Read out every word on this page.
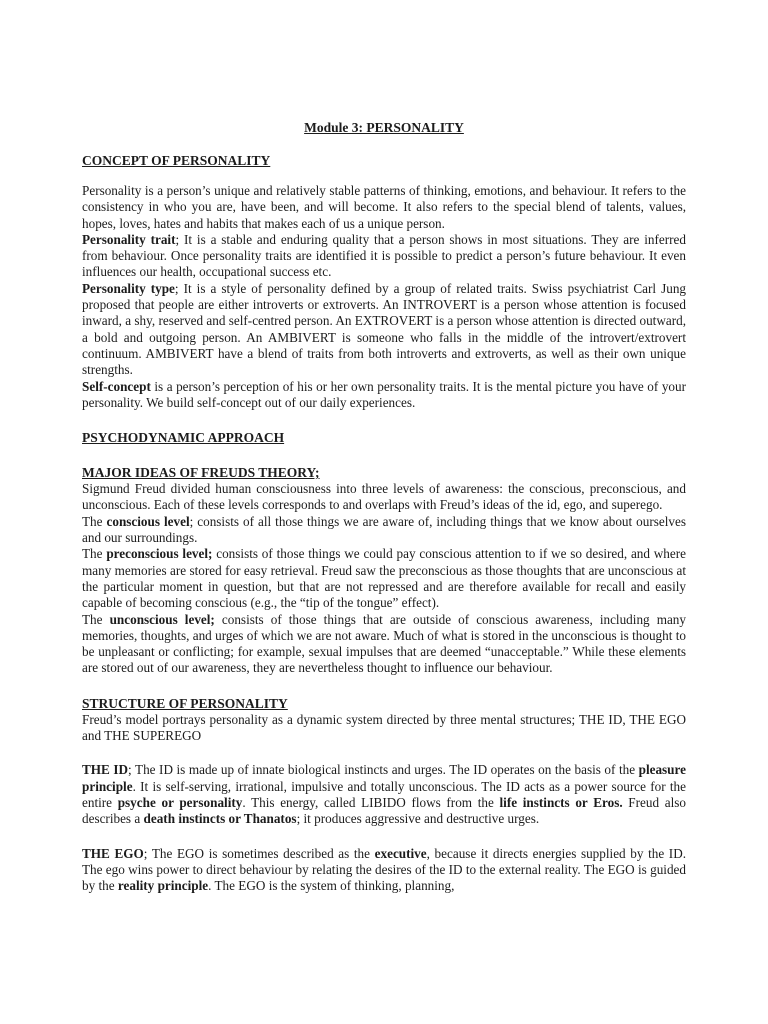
Module 3: PERSONALITY
CONCEPT OF PERSONALITY

Personality is a person’s unique and relatively stable patterns of thinking, emotions, and behaviour. It refers to the consistency in who you are, have been, and will become. It also refers to the special blend of talents, values, hopes, loves, hates and habits that makes each of us a unique person.

Personality trait; It is a stable and enduring quality that a person shows in most situations. They are inferred from behaviour. Once personality traits are identified it is possible to predict a person’s future behaviour. It even influences our health, occupational success etc.

Personality type; It is a style of personality defined by a group of related traits. Swiss psychiatrist Carl Jung proposed that people are either introverts or extroverts. An INTROVERT is a person whose attention is focused inward, a shy, reserved and self-centred person. An EXTROVERT is a person whose attention is directed outward, a bold and outgoing person. An AMBIVERT is someone who falls in the middle of the introvert/extrovert continuum. AMBIVERT have a blend of traits from both introverts and extroverts, as well as their own unique strengths.

Self-concept is a person’s perception of his or her own personality traits. It is the mental picture you have of your personality. We build self-concept out of our daily experiences.

PSYCHODYNAMIC APPROACH
MAJOR IDEAS OF FREUDS THEORY;

Sigmund Freud divided human consciousness into three levels of awareness: the conscious, preconscious, and unconscious. Each of these levels corresponds to and overlaps with Freud’s ideas of the id, ego, and superego.

The conscious level; consists of all those things we are aware of, including things that we know about ourselves and our surroundings.

The preconscious level; consists of those things we could pay conscious attention to if we so desired, and where many memories are stored for easy retrieval. Freud saw the preconscious as those thoughts that are unconscious at the particular moment in question, but that are not repressed and are therefore available for recall and easily capable of becoming conscious (e.g., the “tip of the tongue” effect).

The unconscious level; consists of those things that are outside of conscious awareness, including many memories, thoughts, and urges of which we are not aware. Much of what is stored in the unconscious is thought to be unpleasant or conflicting; for example, sexual impulses that are deemed “unacceptable.” While these elements are stored out of our awareness, they are nevertheless thought to influence our behaviour.

STRUCTURE OF PERSONALITY

Freud’s model portrays personality as a dynamic system directed by three mental structures; THE ID, THE EGO and THE SUPEREGO

THE ID; The ID is made up of innate biological instincts and urges. The ID operates on the basis of the pleasure principle. It is self-serving, irrational, impulsive and totally unconscious. The ID acts as a power source for the entire psyche or personality. This energy, called LIBIDO flows from the life instincts or Eros. Freud also describes a death instincts or Thanatos; it produces aggressive and destructive urges.

THE EGO; The EGO is sometimes described as the executive, because it directs energies supplied by the ID. The ego wins power to direct behaviour by relating the desires of the ID to the external reality. The EGO is guided by the reality principle. The EGO is the system of thinking, planning,
